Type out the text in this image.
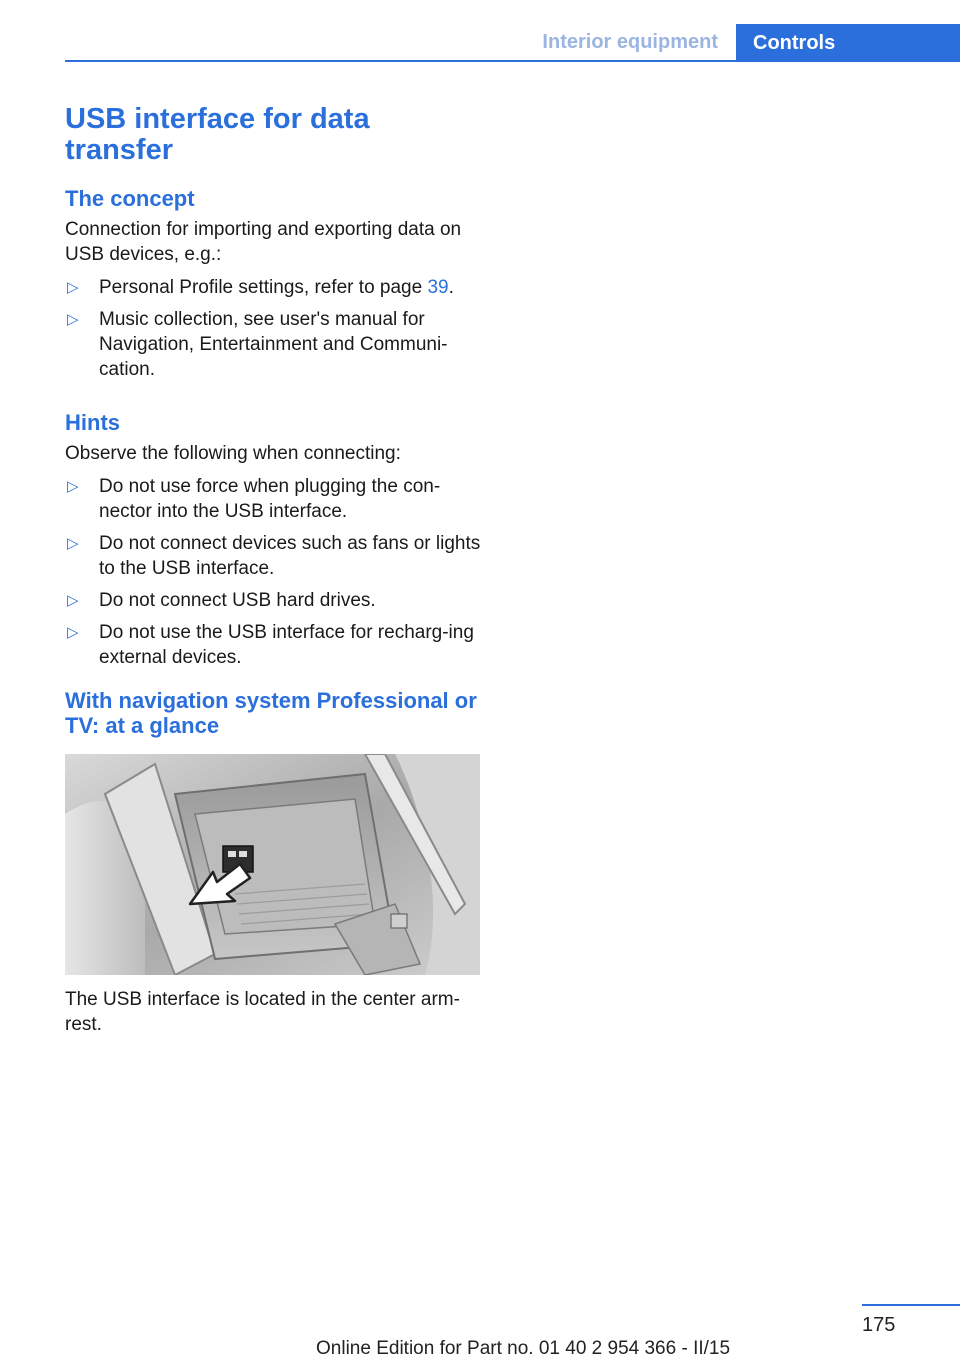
Interior equipment	Controls
USB interface for data transfer
The concept

Connection for importing and exporting data on USB devices, e.g.:

▷ Personal Profile settings, refer to page 39.
▷ Music collection, see user's manual for Navigation, Entertainment and Communi-cation.
Hints

Observe the following when connecting:

▷ Do not use force when plugging the con-nector into the USB interface.
▷ Do not connect devices such as fans or lights to the USB interface.
▷ Do not connect USB hard drives.
▷ Do not use the USB interface for recharg-ing external devices.
With navigation system Professional or TV: at a glance

The USB interface is located in the center arm-rest.

175
Online Edition for Part no. 01 40 2 954 366 - II/15
